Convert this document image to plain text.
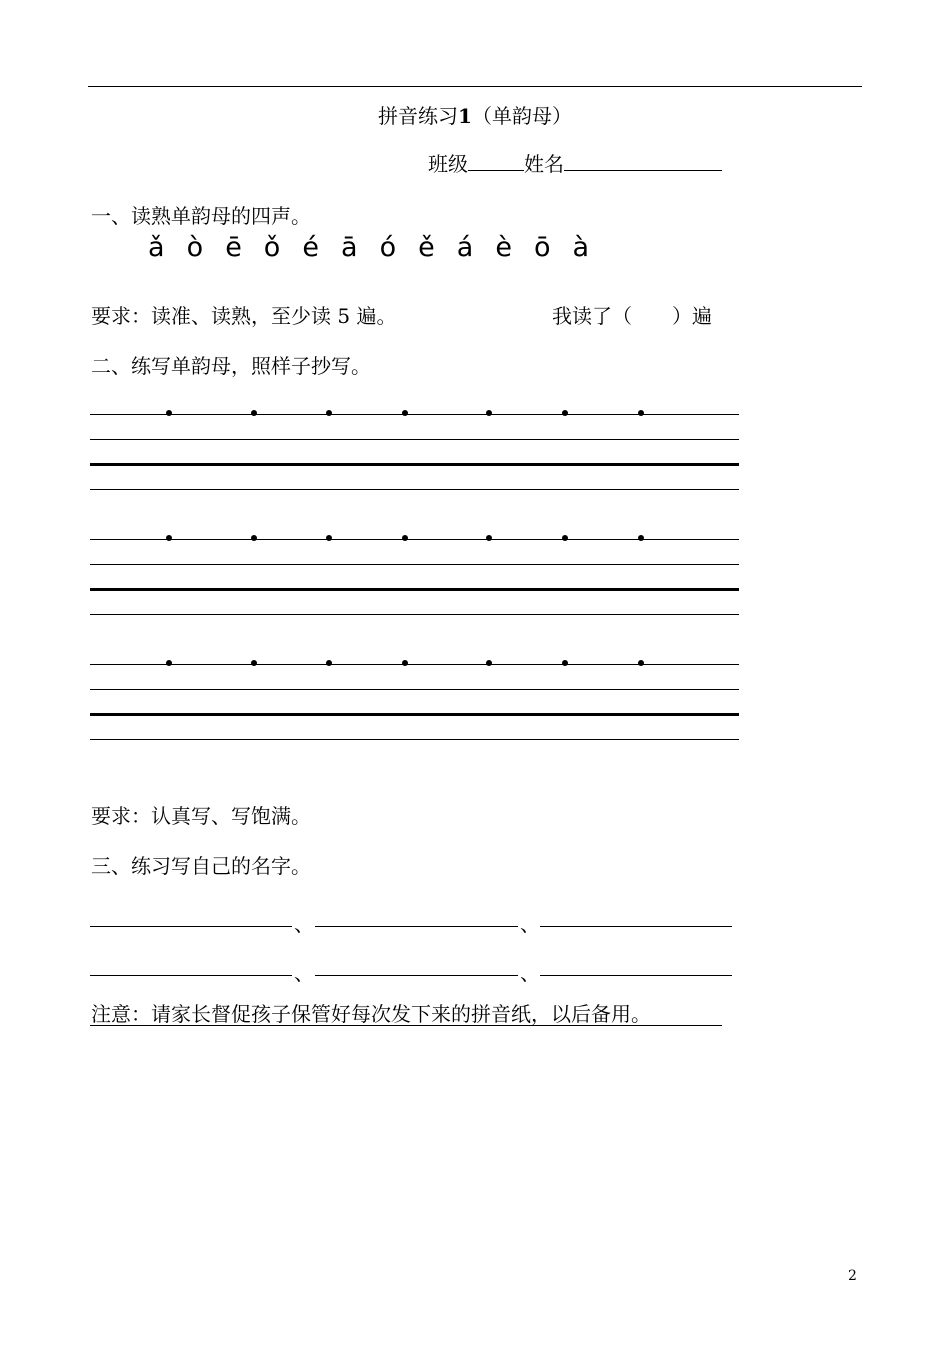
拼音练习1（单韵母）
班级	姓名
一、读熟单韵母的四声。
ǎ ò ē ǒ é ā ó ě á è ō à
要求：读准、读熟，至少读 5 遍。	我读了（　　）遍
二、练写单韵母，照样子抄写。
要求：认真写、写饱满。
三、练习写自己的名字。
、	、
、	、
注意：请家长督促孩子保管好每次发下来的拼音纸，以后备用。
2
